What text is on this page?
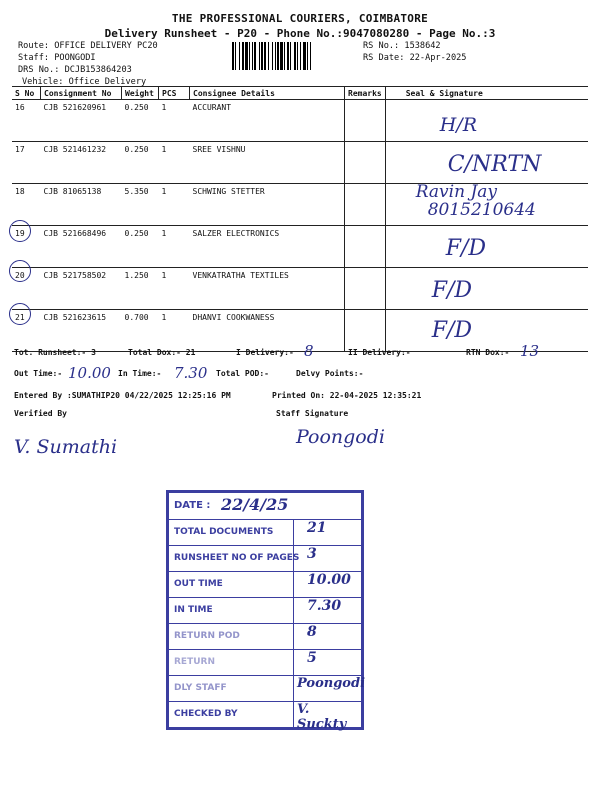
THE PROFESSIONAL COURIERS, COIMBATORE
Delivery Runsheet - P20 - Phone No.:9047080280 - Page No.:3
Route: OFFICE DELIVERY PC20
Staff: POONGODI
DRS No.: DCJB153864203
Vehicle: Office Delivery
RS No.: 1538642
RS Date: 22-Apr-2025
S No	Consignment No	Weight	PCS	Consignee Details	Remarks	Seal & Signature
16	CJB 521620961	0.250	1	ACCURANT		H/R

17	CJB 521461232	0.250	1	SREE VISHNU		C/NRTN

18	CJB 81065138	5.350	1	SCHWING STETTER		Ravin Jay
8015210644

19	CJB 521668496	0.250	1	SALZER ELECTRONICS		F/D

20	CJB 521758502	1.250	1	VENKATRATHA TEXTILES		F/D

21	CJB 521623615	0.700	1	DHANVI COOKWANESS		F/D
Tot. Runsheet:- 3	Total Dox:- 21	I Delivery:- 8	II Delivery:-	RTN Dox:- 13
Out Time:- 10.00 In Time:- 7.30 Total POD:-	Delvy Points:-
Entered By :SUMATHIP20 04/22/2025 12:25:16 PM	Printed On: 22-04-2025 12:35:21
Verified By
V. Sumathi
Staff Signature
Poongodi
DATE : 22/4/25
TOTAL DOCUMENTS 21
RUNSHEET NO OF PAGES 3
OUT TIME	10.00
IN TIME	7.30
RETURN POD	8
RETURN	5
DLY STAFF	Poongodi
CHECKED BY	V. Suckty
